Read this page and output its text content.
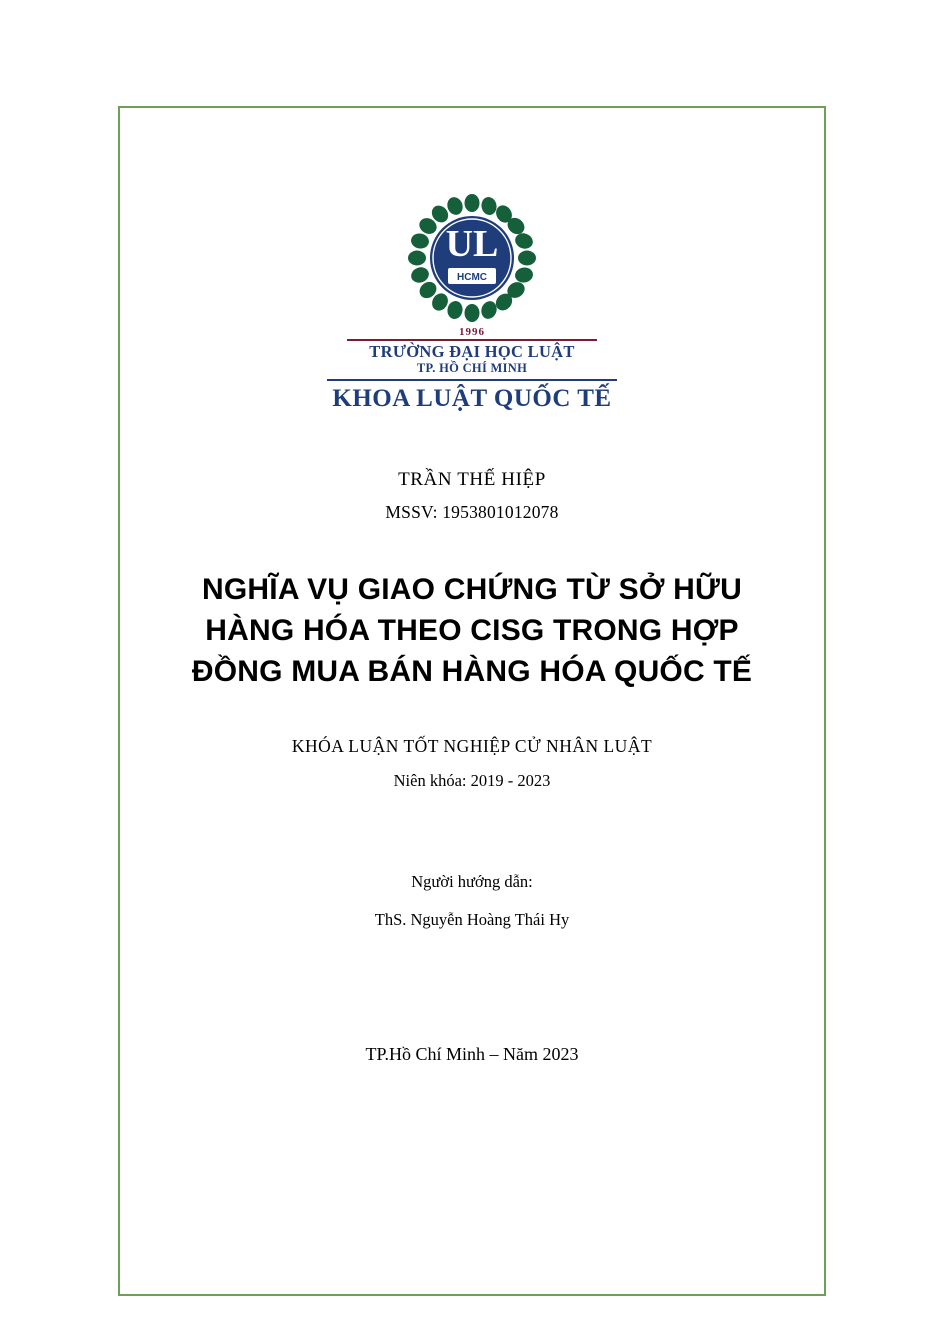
UL
HCMC
1996
TRƯỜNG ĐẠI HỌC LUẬT
TP. HỒ CHÍ MINH
KHOA LUẬT QUỐC TẾ
TRẦN THẾ HIỆP
MSSV: 1953801012078
NGHĨA VỤ GIAO CHỨNG TỪ SỞ HỮU
HÀNG HÓA THEO CISG TRONG HỢP
ĐỒNG MUA BÁN HÀNG HÓA QUỐC TẾ
KHÓA LUẬN TỐT NGHIỆP CỬ NHÂN LUẬT
Niên khóa: 2019 - 2023
Người hướng dẫn:
ThS. Nguyễn Hoàng Thái Hy
TP.Hồ Chí Minh – Năm 2023
